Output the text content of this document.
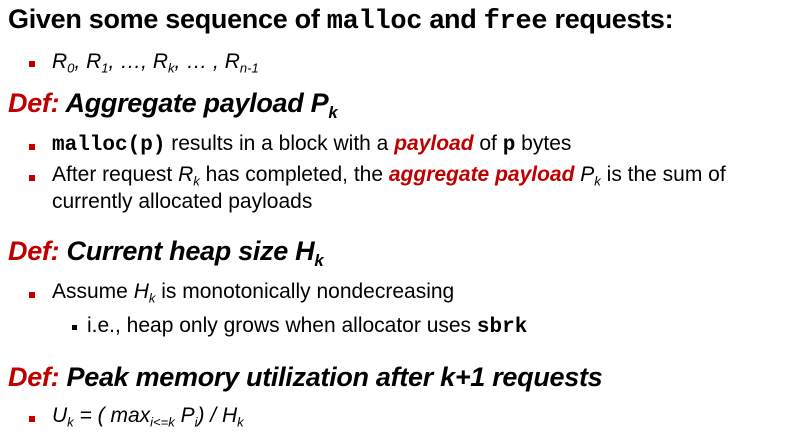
Given some sequence of malloc and free requests:
$R_0$, $R_1$, …, $R_k$, … , $R_{n-1}$
Def: Aggregate payload $P_k$
malloc(p) results in a block with a payload of p bytes
After request $R_k$ has completed, the aggregate payload $P_k$ is the sum of
currently allocated payloads
Def: Current heap size $H_k$
Assume $H_k$ is monotonically nondecreasing
i.e., heap only grows when allocator uses sbrk
Def: Peak memory utilization after k+1 requests
$U_k$ = ( $\max_{i<=k} P_i) / H_k$
